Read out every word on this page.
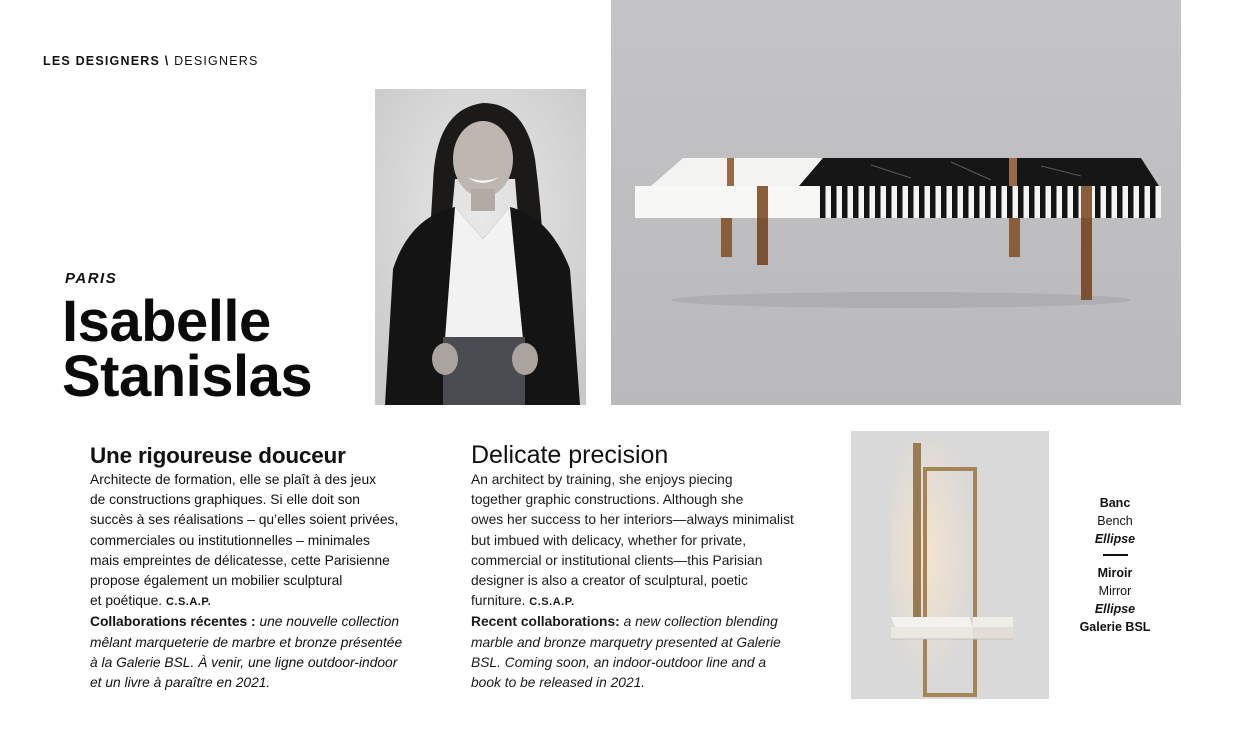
LES DESIGNERS \ DESIGNERS
PARIS
Isabelle
Stanislas
Une rigoureuse douceur

Architecte de formation, elle se plaît à des jeux

de constructions graphiques. Si elle doit son

succès à ses réalisations – qu’elles soient privées,

commerciales ou institutionnelles – minimales

mais empreintes de délicatesse, cette Parisienne

propose également un mobilier sculptural

et poétique. C.S.A.P.

Collaborations récentes : une nouvelle collection

mêlant marqueterie de marbre et bronze présentée

à la Galerie BSL. À venir, une ligne outdoor-indoor

et un livre à paraître en 2021.

Delicate precision

An architect by training, she enjoys piecing

together graphic constructions. Although she

owes her success to her interiors—always minimalist

but imbued with delicacy, whether for private,

commercial or institutional clients—this Parisian

designer is also a creator of sculptural, poetic

furniture. C.S.A.P.

Recent collaborations: a new collection blending

marble and bronze marquetry presented at Galerie

BSL. Coming soon, an indoor-outdoor line and a

book to be released in 2021.

Banc
Bench
Ellipse
Miroir
Mirror
Ellipse
Galerie BSL
